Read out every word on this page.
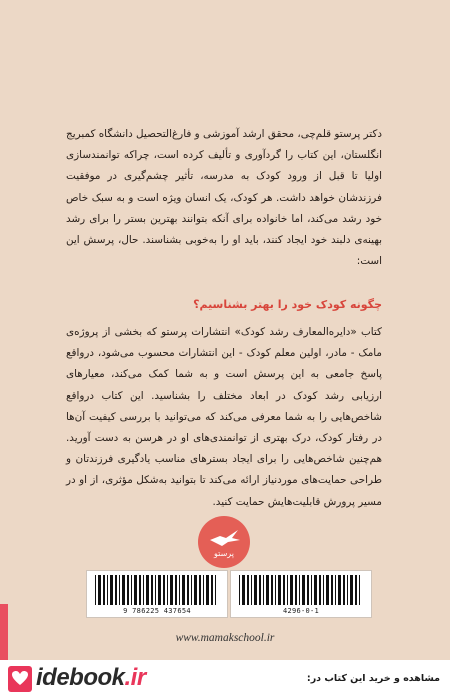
دکتر پرستو قلم‌چی، محقق ارشد آموزشی و فارغ‌التحصیل دانشگاه کمبریج انگلستان، این کتاب را گردآوری و تألیف کرده است، چراکه توانمندسازی اولیا تا قبل از ورود کودک به مدرسه، تأثیر چشم‌گیری در موفقیت فرزندشان خواهد داشت. هر کودک، یک انسان ویژه است و به سبک خاص خود رشد می‌کند، اما خانواده برای آنکه بتوانند بهترین بستر را برای رشد بهینه‌ی دلبند خود ایجاد کنند، باید او را به‌خوبی بشناسند. حال، پرسش این است:

چگونه کودک خود را بهتر بشناسیم؟

کتاب «دایره‌المعارف رشد کودک» انتشارات پرستو که بخشی از پروژه‌ی مامک - مادر، اولین معلم کودک - این انتشارات محسوب می‌شود، درواقع پاسخ جامعی به این پرسش است و به شما کمک می‌کند، معیارهای ارزیابی رشد کودک در ابعاد مختلف را بشناسید. این کتاب درواقع شاخص‌هایی را به شما معرفی می‌کند که می‌توانید با بررسی کیفیت آن‌ها در رفتار کودک، درک بهتری از توانمندی‌های او در هرسن به دست آورید. هم‌چنین شاخص‌هایی را برای ایجاد بسترهای مناسب یادگیری فرزندتان و طراحی حمایت‌های موردنیاز ارائه می‌کند تا بتوانید به‌شکل مؤثری، از او در مسیر پرورش قابلیت‌هایش حمایت کنید.

پرستو
9 786225 437654	4296-0-1
www.mamakschool.ir
idebook.ir	مشاهده و خرید این کتاب در:
